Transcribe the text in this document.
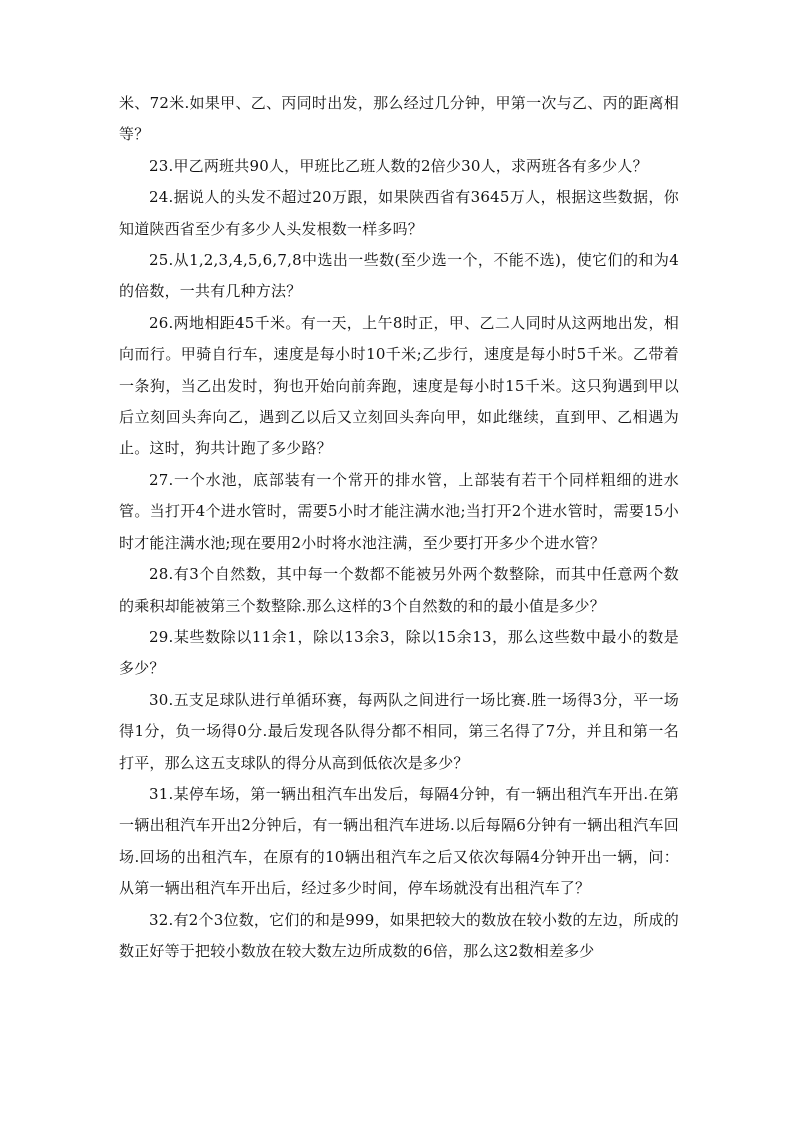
米、72米.如果甲、乙、丙同时出发，那么经过几分钟，甲第一次与乙、丙的距离相等？

23.甲乙两班共90人，甲班比乙班人数的2倍少30人，求两班各有多少人？

24.据说人的头发不超过20万跟，如果陕西省有3645万人，根据这些数据，你知道陕西省至少有多少人头发根数一样多吗？

25.从1,2,3,4,5,6,7,8中选出一些数(至少选一个，不能不选)，使它们的和为4的倍数，一共有几种方法？

26.两地相距45千米。有一天，上午8时正，甲、乙二人同时从这两地出发，相向而行。甲骑自行车，速度是每小时10千米;乙步行，速度是每小时5千米。乙带着一条狗，当乙出发时，狗也开始向前奔跑，速度是每小时15千米。这只狗遇到甲以后立刻回头奔向乙，遇到乙以后又立刻回头奔向甲，如此继续，直到甲、乙相遇为止。这时，狗共计跑了多少路？

27.一个水池，底部装有一个常开的排水管，上部装有若干个同样粗细的进水管。当打开4个进水管时，需要5小时才能注满水池;当打开2个进水管时，需要15小时才能注满水池;现在要用2小时将水池注满，至少要打开多少个进水管？

28.有3个自然数，其中每一个数都不能被另外两个数整除，而其中任意两个数的乘积却能被第三个数整除.那么这样的3个自然数的和的最小值是多少？

29.某些数除以11余1，除以13余3，除以15余13，那么这些数中最小的数是多少？

30.五支足球队进行单循环赛，每两队之间进行一场比赛.胜一场得3分，平一场得1分，负一场得0分.最后发现各队得分都不相同，第三名得了7分，并且和第一名打平，那么这五支球队的得分从高到低依次是多少？

31.某停车场，第一辆出租汽车出发后，每隔4分钟，有一辆出租汽车开出.在第一辆出租汽车开出2分钟后，有一辆出租汽车进场.以后每隔6分钟有一辆出租汽车回场.回场的出租汽车，在原有的10辆出租汽车之后又依次每隔4分钟开出一辆，问：从第一辆出租汽车开出后，经过多少时间，停车场就没有出租汽车了？

32.有2个3位数，它们的和是999，如果把较大的数放在较小数的左边，所成的数正好等于把较小数放在较大数左边所成数的6倍，那么这2数相差多少
